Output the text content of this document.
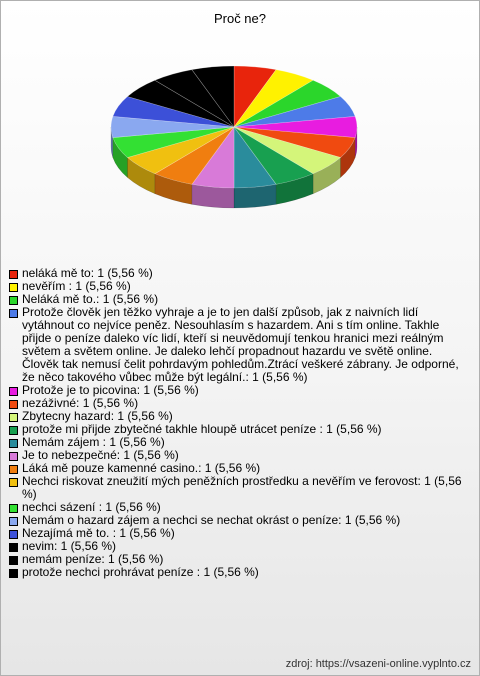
Proč ne?
neláká mě to: 1 (5,56 %)
nevěřím : 1 (5,56 %)
Neláká mě to.: 1 (5,56 %)
Protože člověk jen těžko vyhraje a je to jen další způsob, jak z naivních lidí vytáhnout co nejvíce peněz. Nesouhlasím s hazardem. Ani s tím online. Takhle přijde o peníze daleko víc lidí, kteří si neuvědomují tenkou hranici mezi reálným světem a světem online. Je daleko lehčí propadnout hazardu ve světě online. Člověk tak nemusí čelit pohrdavým pohledům.Ztrácí veškeré zábrany. Je odporné, že něco takového vůbec může být legální.: 1 (5,56 %)
Protože je to picovina: 1 (5,56 %)
nezáživné: 1 (5,56 %)
Zbytecny hazard: 1 (5,56 %)
protože mi přijde zbytečné takhle hloupě utrácet peníze : 1 (5,56 %)
Nemám zájem : 1 (5,56 %)
Je to nebezpečné: 1 (5,56 %)
Láká mě pouze kamenné casino.: 1 (5,56 %)
Nechci riskovat zneužití mých peněžních prostředku a nevěřím ve ferovost: 1 (5,56 %)
nechci sázení : 1 (5,56 %)
Nemám o hazard zájem a nechci se nechat okrást o peníze: 1 (5,56 %)
Nezajímá mě to. : 1 (5,56 %)
nevim: 1 (5,56 %)
nemám peníze: 1 (5,56 %)
protože nechci prohrávat peníze : 1 (5,56 %)
zdroj: https://vsazeni-online.vyplnto.cz
